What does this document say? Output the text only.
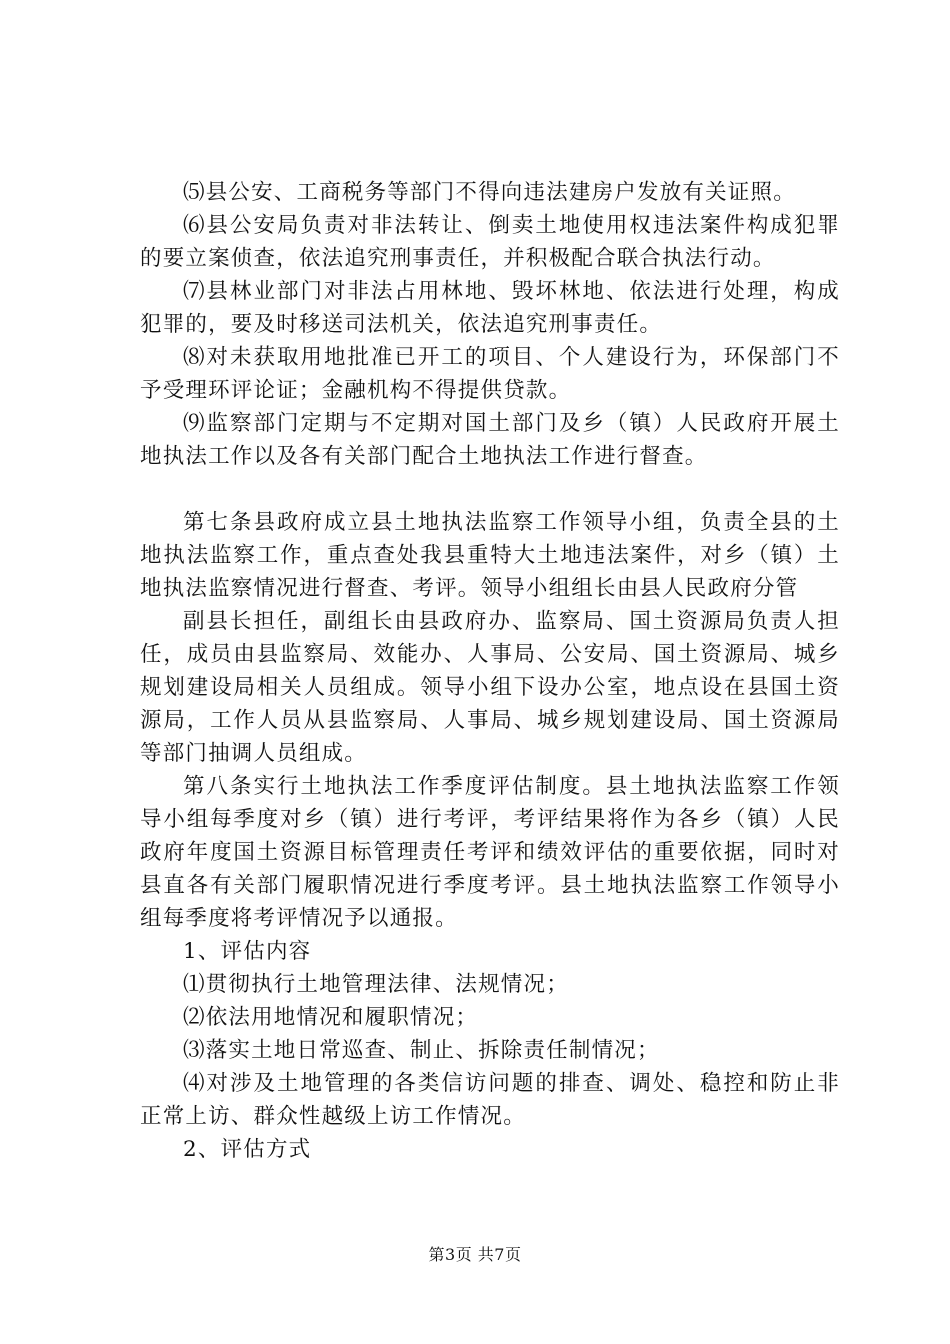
⑸县公安、工商税务等部门不得向违法建房户发放有关证照。

⑹县公安局负责对非法转让、倒卖土地使用权违法案件构成犯罪的要立案侦查，依法追究刑事责任，并积极配合联合执法行动。

⑺县林业部门对非法占用林地、毁坏林地、依法进行处理，构成犯罪的，要及时移送司法机关，依法追究刑事责任。

⑻对未获取用地批准已开工的项目、个人建设行为，环保部门不予受理环评论证；金融机构不得提供贷款。

⑼监察部门定期与不定期对国土部门及乡（镇）人民政府开展土地执法工作以及各有关部门配合土地执法工作进行督查。

第七条县政府成立县土地执法监察工作领导小组，负责全县的土地执法监察工作，重点查处我县重特大土地违法案件，对乡（镇）土地执法监察情况进行督查、考评。领导小组组长由县人民政府分管

副县长担任，副组长由县政府办、监察局、国土资源局负责人担任，成员由县监察局、效能办、人事局、公安局、国土资源局、城乡规划建设局相关人员组成。领导小组下设办公室，地点设在县国土资源局，工作人员从县监察局、人事局、城乡规划建设局、国土资源局等部门抽调人员组成。

第八条实行土地执法工作季度评估制度。县土地执法监察工作领导小组每季度对乡（镇）进行考评，考评结果将作为各乡（镇）人民政府年度国土资源目标管理责任考评和绩效评估的重要依据，同时对县直各有关部门履职情况进行季度考评。县土地执法监察工作领导小组每季度将考评情况予以通报。

1、评估内容

⑴贯彻执行土地管理法律、法规情况；

⑵依法用地情况和履职情况；

⑶落实土地日常巡查、制止、拆除责任制情况；

⑷对涉及土地管理的各类信访问题的排查、调处、稳控和防止非正常上访、群众性越级上访工作情况。

2、评估方式

第3页 共7页
